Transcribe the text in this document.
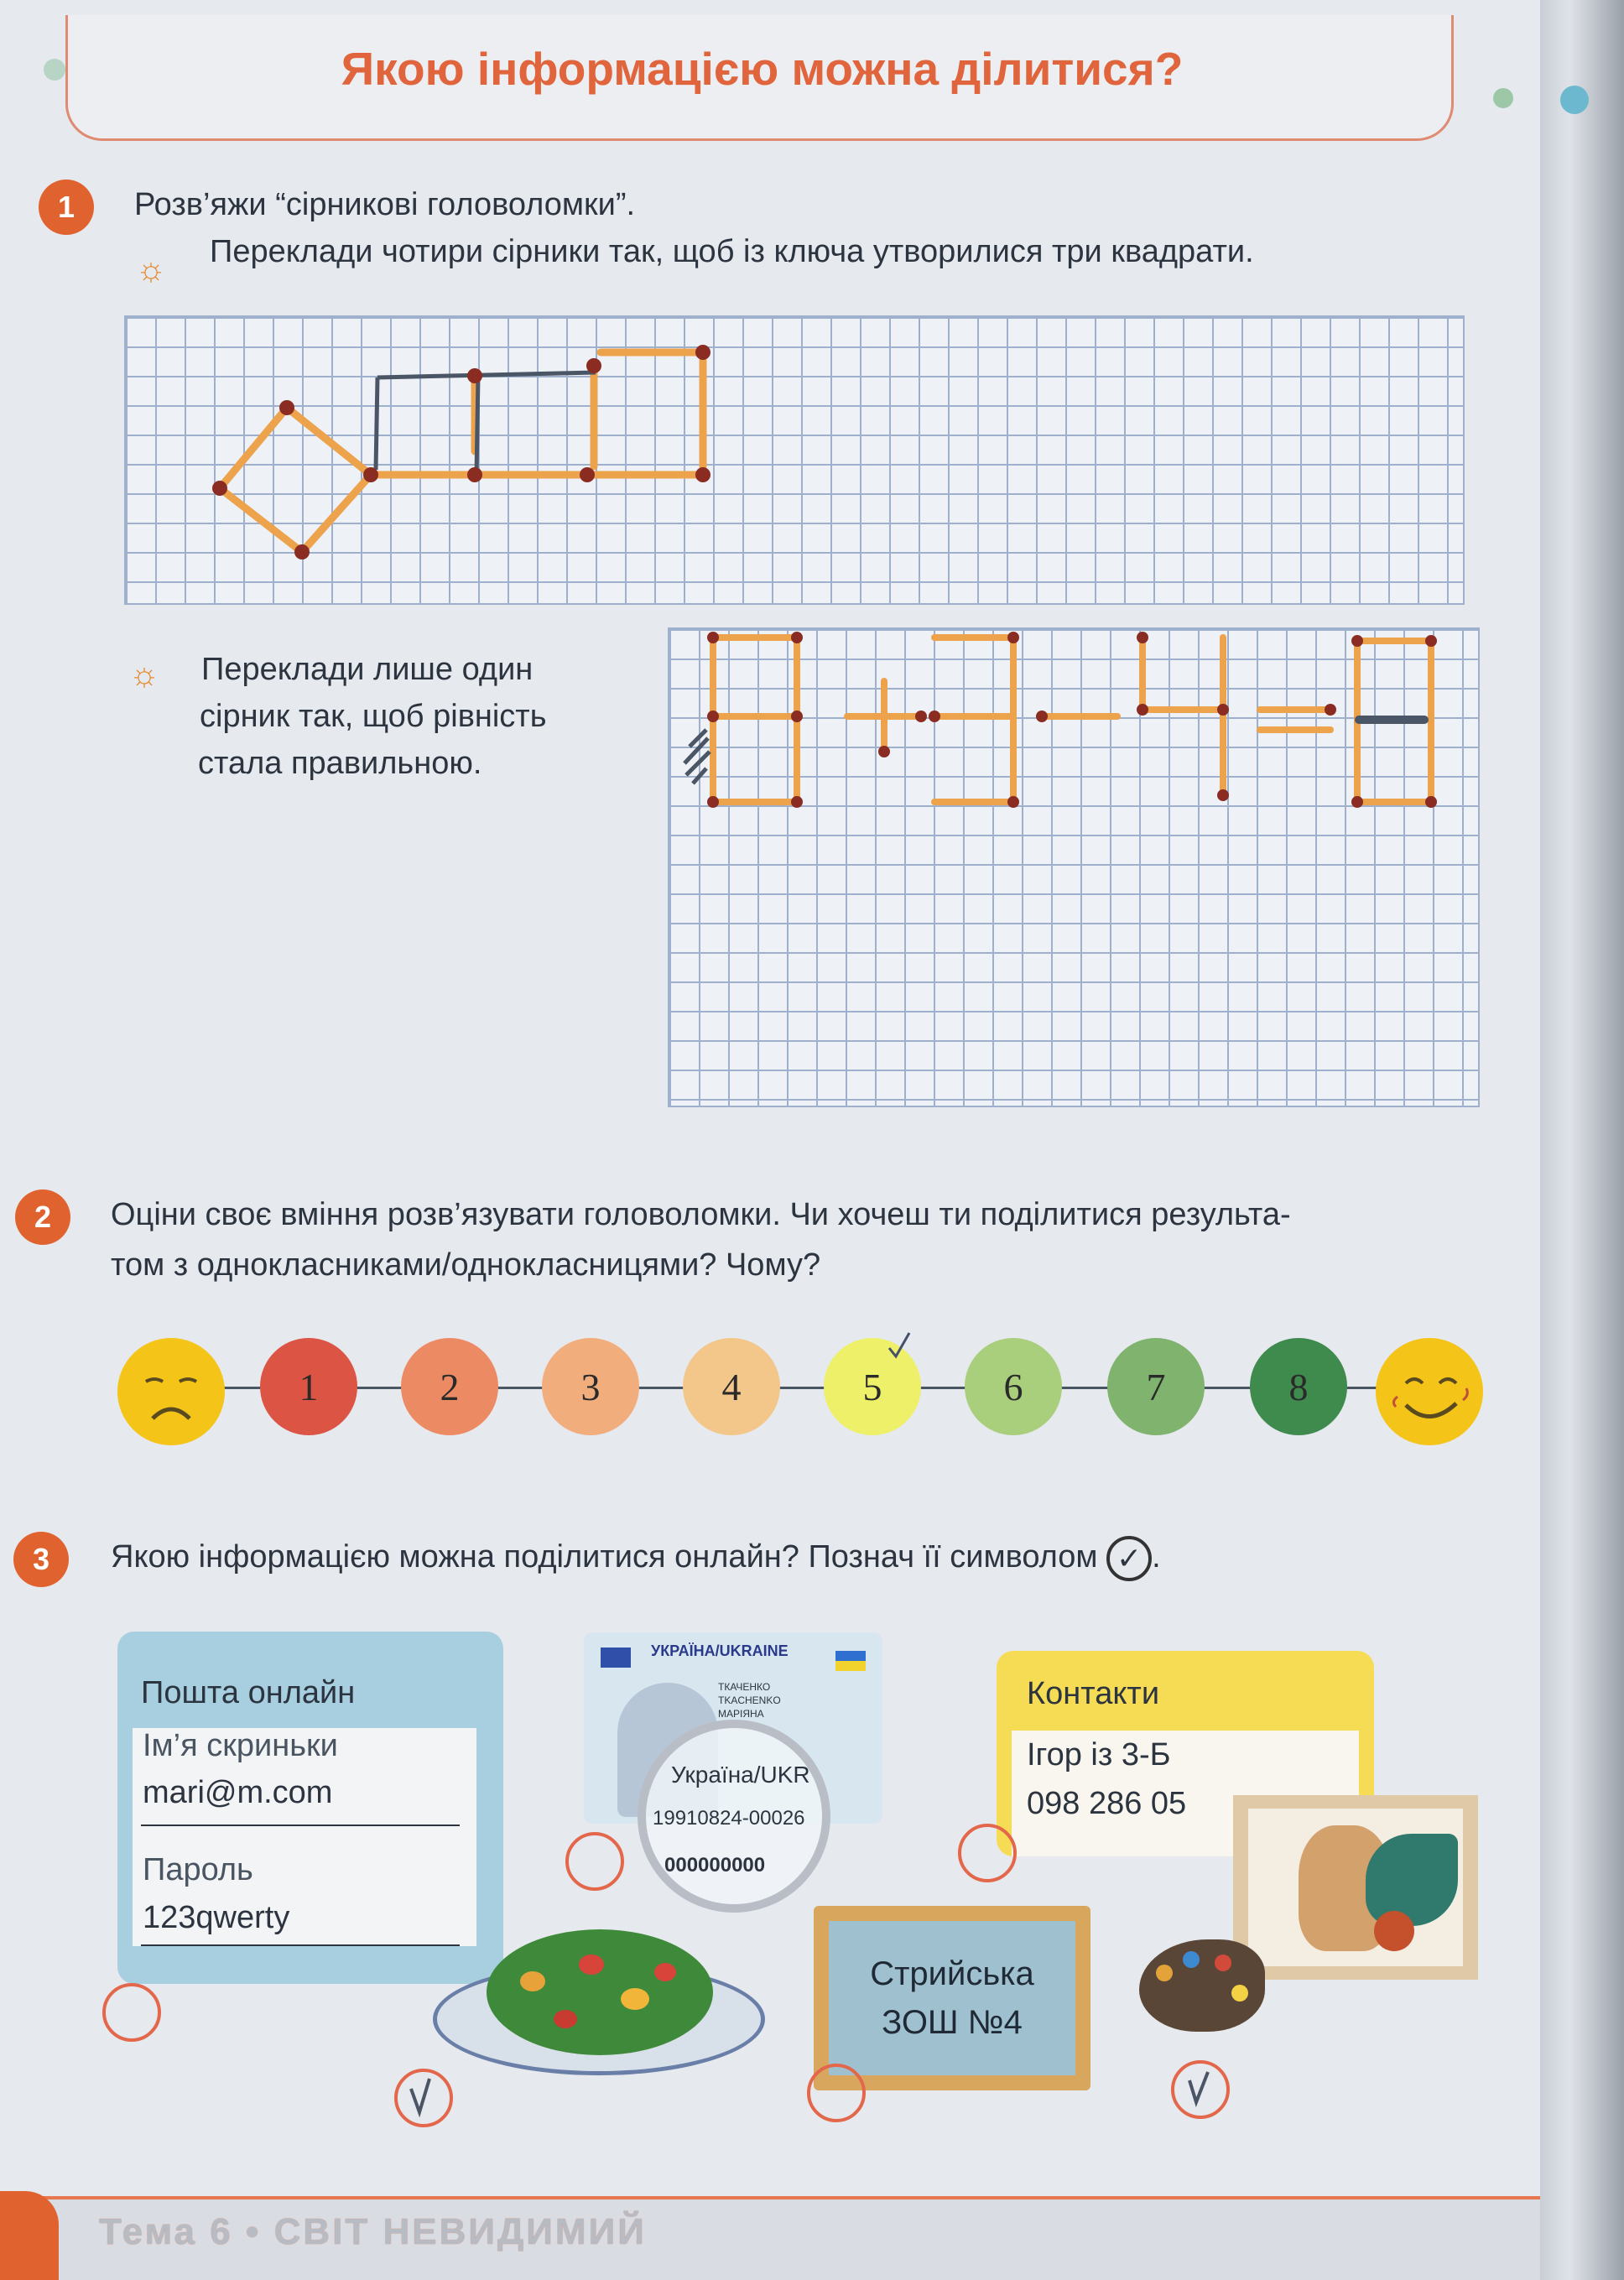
Якою інформацією можна ділитися?
1	Розв’яжи “сірникові головоломки”.
☼ Переклади чотири сірники так, щоб із ключа утворилися три квадрати.
☼ Переклади лише один
сірник так, щоб рівність
стала правильною.
2	Оціни своє вміння розв’язувати головоломки. Чи хочеш ти поділитися результа-
том з однокласниками/однокласницями? Чому?
1	2	3	4	5	6	7	8
3	Якою інформацією можна поділитися онлайн? Познач її символом ✓ .
Пошта онлайн
Ім’я скриньки
mari@m.com
Пароль
123qwerty
УКРАЇНА/UKRAINE
ТКАЧЕНКО
TKACHENKO
МАРІЯНА
Україна/UKR
19910824-00026
000000000
Контакти
Ігор із 3-Б
098 286 05
Стрийська
ЗОШ №4
Тема 6 • СВІТ НЕВИДИМИЙ
